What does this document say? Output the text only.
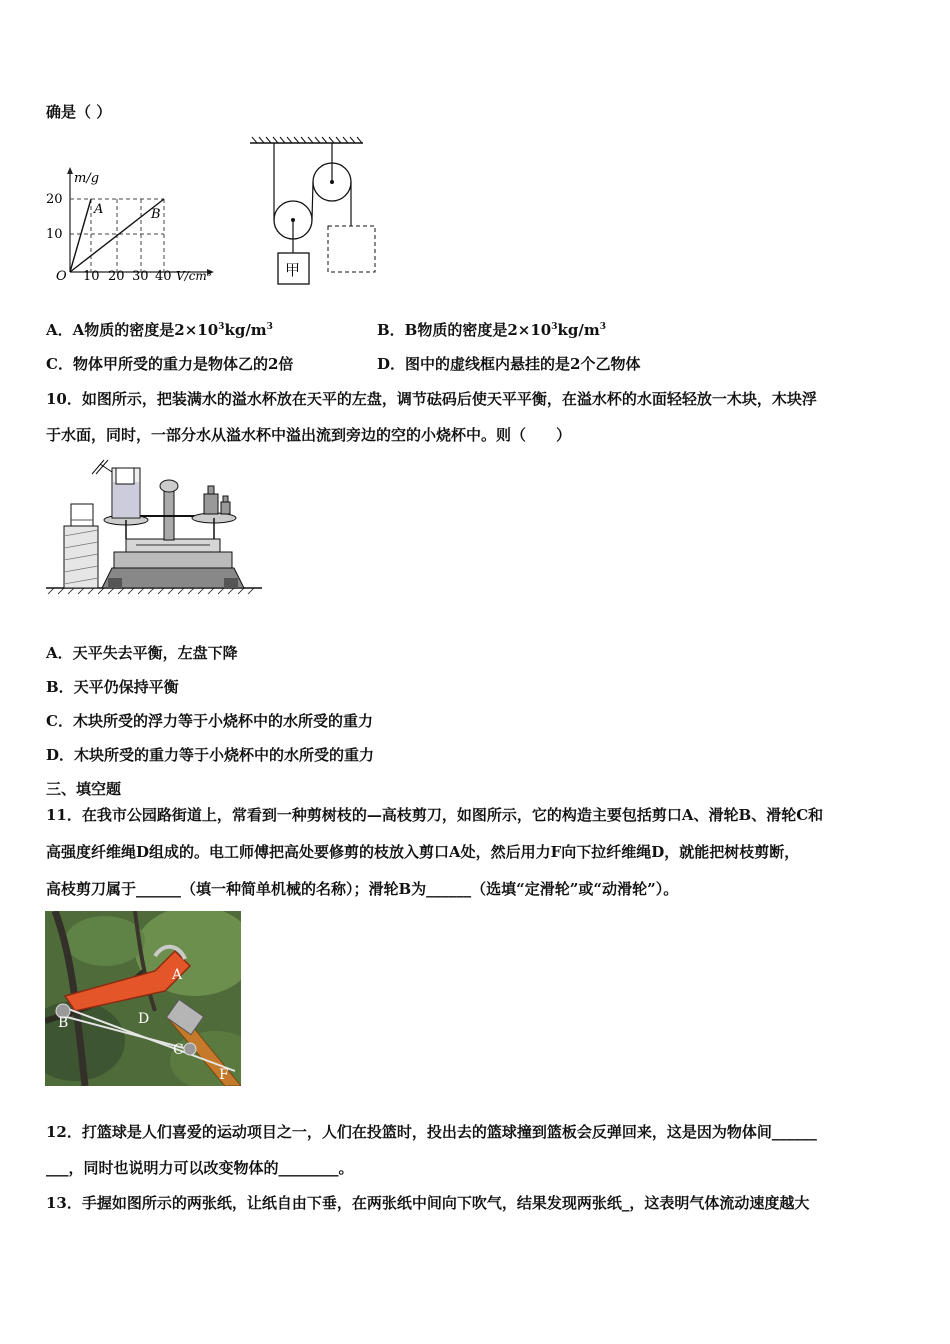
确是（ ）
m/g
20
10
O 10 20 30 40 V/cm³
A	B
甲
A．A物质的密度是$2\times 10^3kg/m^3$	B．B物质的密度是$2\times 10^3kg/m^3$
C．物体甲所受的重力是物体乙的2倍	D．图中的虚线框内悬挂的是2个乙物体
10．如图所示，把装满水的溢水杯放在天平的左盘，调节砝码后使天平平衡，在溢水杯的水面轻轻放一木块，木块浮
于水面，同时，一部分水从溢水杯中溢出流到旁边的空的小烧杯中。则（　　）
A．天平失去平衡，左盘下降
B．天平仍保持平衡
C．木块所受的浮力等于小烧杯中的水所受的重力
D．木块所受的重力等于小烧杯中的水所受的重力
三、填空题
11．在我市公园路街道上，常看到一种剪树枝的—高枝剪刀，如图所示，它的构造主要包括剪口A、滑轮B、滑轮C和
高强度纤维绳D组成的。电工师傅把高处要修剪的枝放入剪口A处，然后用力F向下拉纤维绳D，就能把树枝剪断，
高枝剪刀属于______（填一种简单机械的名称）；滑轮B为______（选填“定滑轮”或“动滑轮”）。
A
B	D
C
F
12．打篮球是人们喜爱的运动项目之一，人们在投篮时，投出去的篮球撞到篮板会反弹回来，这是因为物体间______
___，同时也说明力可以改变物体的________。
13．手握如图所示的两张纸，让纸自由下垂，在两张纸中间向下吹气，结果发现两张纸_，这表明气体流动速度越大
